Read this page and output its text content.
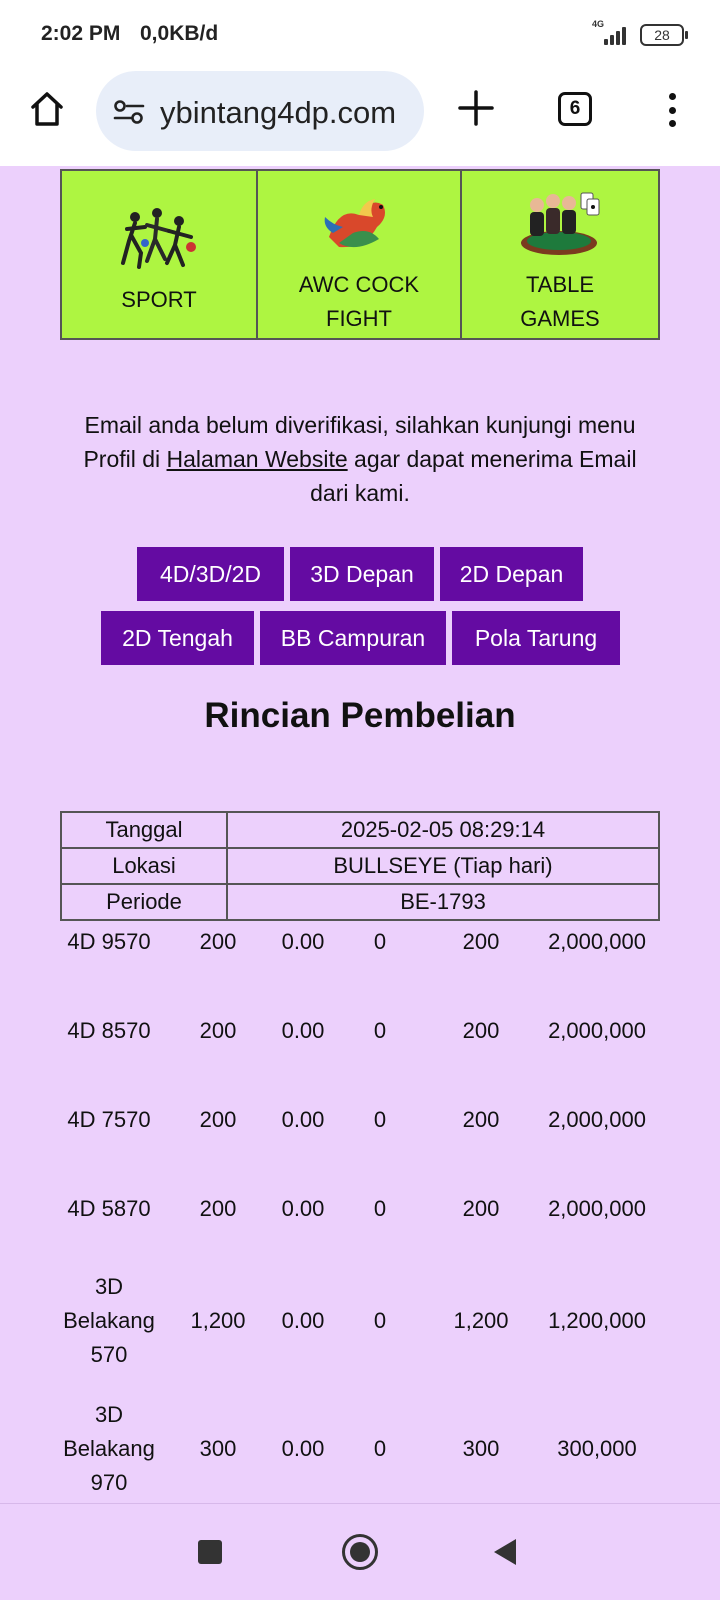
2:02 PM 0,0KB/d	4G
28
ybintang4dp.com	6
SPORT
AWC COCK
FIGHT
TABLE
GAMES
Email anda belum diverifikasi, silahkan kunjungi menu
Profil di Halaman Website agar dapat menerima Email
dari kami.
4D/3D/2D	3D Depan	2D Depan
2D Tengah	BB Campuran	Pola Tarung
Rincian Pembelian
Tanggal	2025-02-05 08:29:14
Lokasi	BULLSEYE (Tiap hari)
Periode	BE-1793
4D 9570	200	0.00	0	200	2,000,000
4D 8570	200	0.00	0	200	2,000,000
4D 7570	200	0.00	0	200	2,000,000
4D 5870	200	0.00	0	200	2,000,000
3D
Belakang
570
1,200	0.00	0	1,200	1,200,000
3D
Belakang
970
300	0.00	0	300	300,000
